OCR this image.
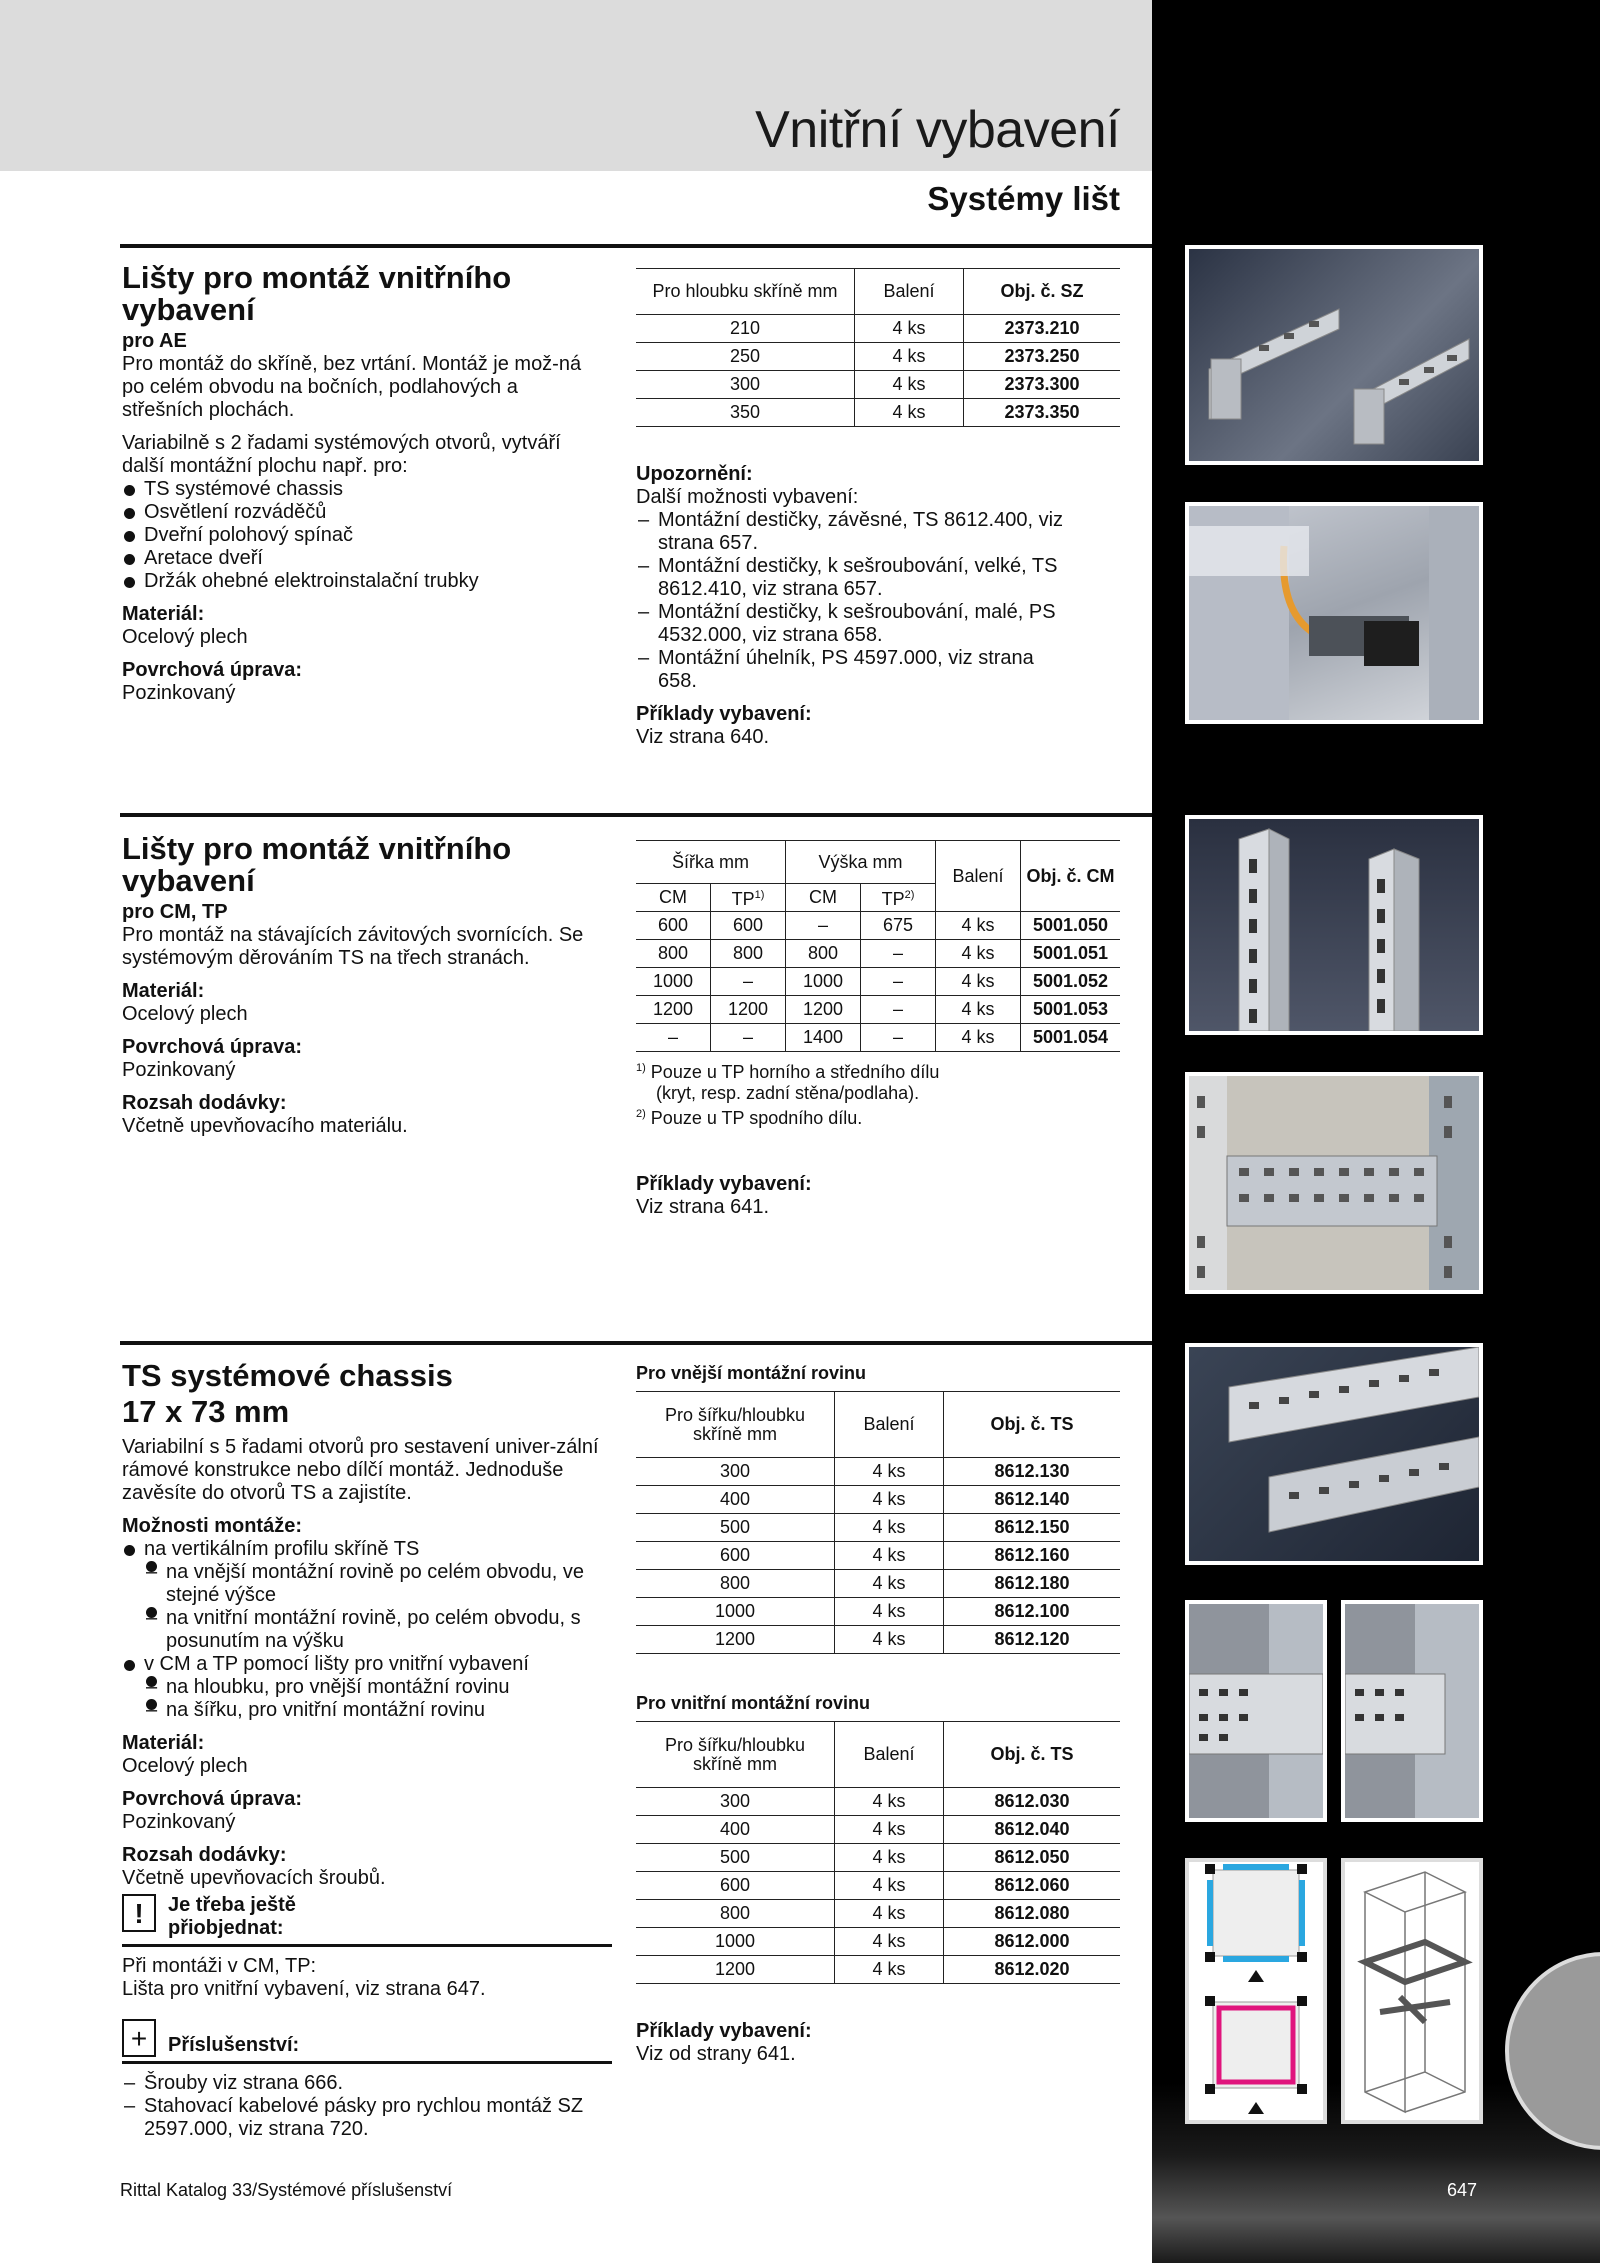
Vnitřní vybavení
Systémy lišt
Lišty pro montáž vnitřního vybavení
pro AE

Pro montáž do skříně, bez vrtání. Montáž je mož-ná po celém obvodu na bočních, podlahových a střešních plochách.

Variabilně s 2 řadami systémových otvorů, vytváří další montážní plochu např. pro:
TS systémové chassis
Osvětlení rozváděčů
Dveřní polohový spínač
Aretace dveří
Držák ohebné elektroinstalační trubky
Materiál:
Ocelový plech
Povrchová úprava:
Pozinkovaný
Pro hloubku skříně mm	Balení	Obj. č. SZ
210	4 ks	2373.210
250	4 ks	2373.250
300	4 ks	2373.300
350	4 ks	2373.350
Upozornění:
Další možnosti vybavení:
– Montážní destičky, závěsné, TS 8612.400, viz strana 657.
– Montážní destičky, k sešroubování, velké, TS 8612.410, viz strana 657.
– Montážní destičky, k sešroubování, malé, PS 4532.000, viz strana 658.
– Montážní úhelník, PS 4597.000, viz strana 658.
Příklady vybavení:
Viz strana 640.
Lišty pro montáž vnitřního vybavení
pro CM, TP

Pro montáž na stávajících závitových svornících. Se systémovým děrováním TS na třech stranách.

Materiál:
Ocelový plech
Povrchová úprava:
Pozinkovaný
Rozsah dodávky:
Včetně upevňovacího materiálu.
Šířka mm		Výška mm		Balení	Obj. č. CM
CM	TP$^{1)}$	CM	TP$^{2)}$
600	600	–	675	4 ks	5001.050
800	800	800	–	4 ks	5001.051
1000	–	1000	–	4 ks	5001.052
1200	1200	1200	–	4 ks	5001.053
–	–	1400	–	4 ks	5001.054
$^{1)}$ Pouze u TP horního a středního dílu
(kryt, resp. zadní stěna/podlaha).
$^{2)}$ Pouze u TP spodního dílu.
Příklady vybavení:
Viz strana 641.
TS systémové chassis
17 x 73 mm

Variabilní s 5 řadami otvorů pro sestavení univer-zální rámové konstrukce nebo dílčí montáž. Jednoduše zavěsíte do otvorů TS a zajistíte.

Možnosti montáže:
na vertikálním profilu skříně TS
– na vnější montážní rovině po celém obvodu, ve stejné výšce
– na vnitřní montážní rovině, po celém obvodu, s posunutím na výšku
v CM a TP pomocí lišty pro vnitřní vybavení
– na hloubku, pro vnější montážní rovinu
– na šířku, pro vnitřní montážní rovinu
Materiál:
Ocelový plech
Povrchová úprava:
Pozinkovaný
Rozsah dodávky:
Včetně upevňovacích šroubů.
!	Je třeba ještě přiobjednat:
Při montáži v CM, TP:
Lišta pro vnitřní vybavení, viz strana 647.
+	Příslušenství:
– Šrouby viz strana 666.
– Stahovací kabelové pásky pro rychlou montáž SZ 2597.000, viz strana 720.
Pro vnější montážní rovinu
Pro šířku/hloubku skříně mm	Balení	Obj. č. TS
300	4 ks	8612.130
400	4 ks	8612.140
500	4 ks	8612.150
600	4 ks	8612.160
800	4 ks	8612.180
1000	4 ks	8612.100
1200	4 ks	8612.120
Pro vnitřní montážní rovinu
Pro šířku/hloubku skříně mm	Balení	Obj. č. TS
300	4 ks	8612.030
400	4 ks	8612.040
500	4 ks	8612.050
600	4 ks	8612.060
800	4 ks	8612.080
1000	4 ks	8612.000
1200	4 ks	8612.020
Příklady vybavení:
Viz od strany 641.
Rittal Katalog 33/Systémové příslušenství	647
